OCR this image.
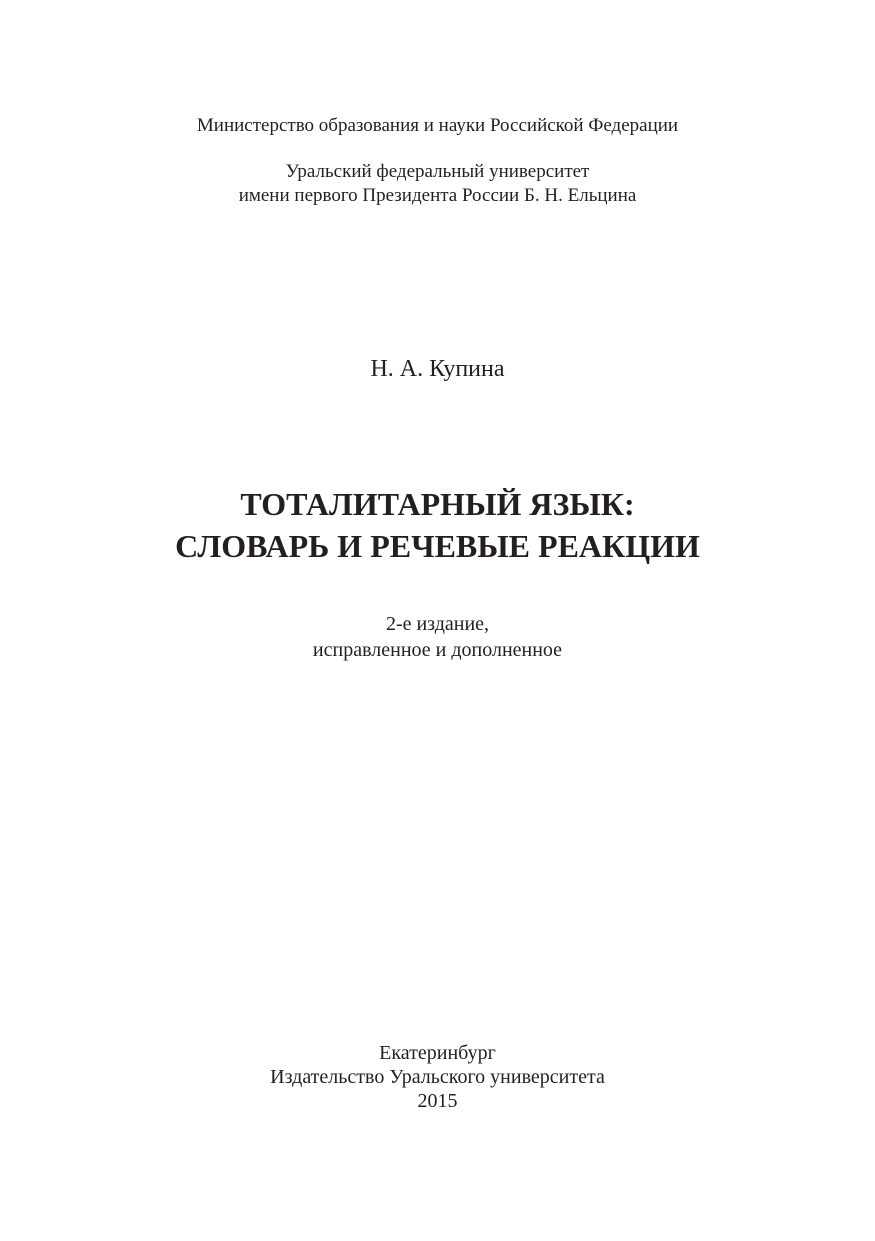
Министерство образования и науки Российской Федерации
Уральский федеральный университет
имени первого Президента России Б. Н. Ельцина
Н. А. Купина
ТОТАЛИТАРНЫЙ ЯЗЫК:
СЛОВАРЬ И РЕЧЕВЫЕ РЕАКЦИИ
2-е издание,
исправленное и дополненное
Екатеринбург
Издательство Уральского университета
2015
